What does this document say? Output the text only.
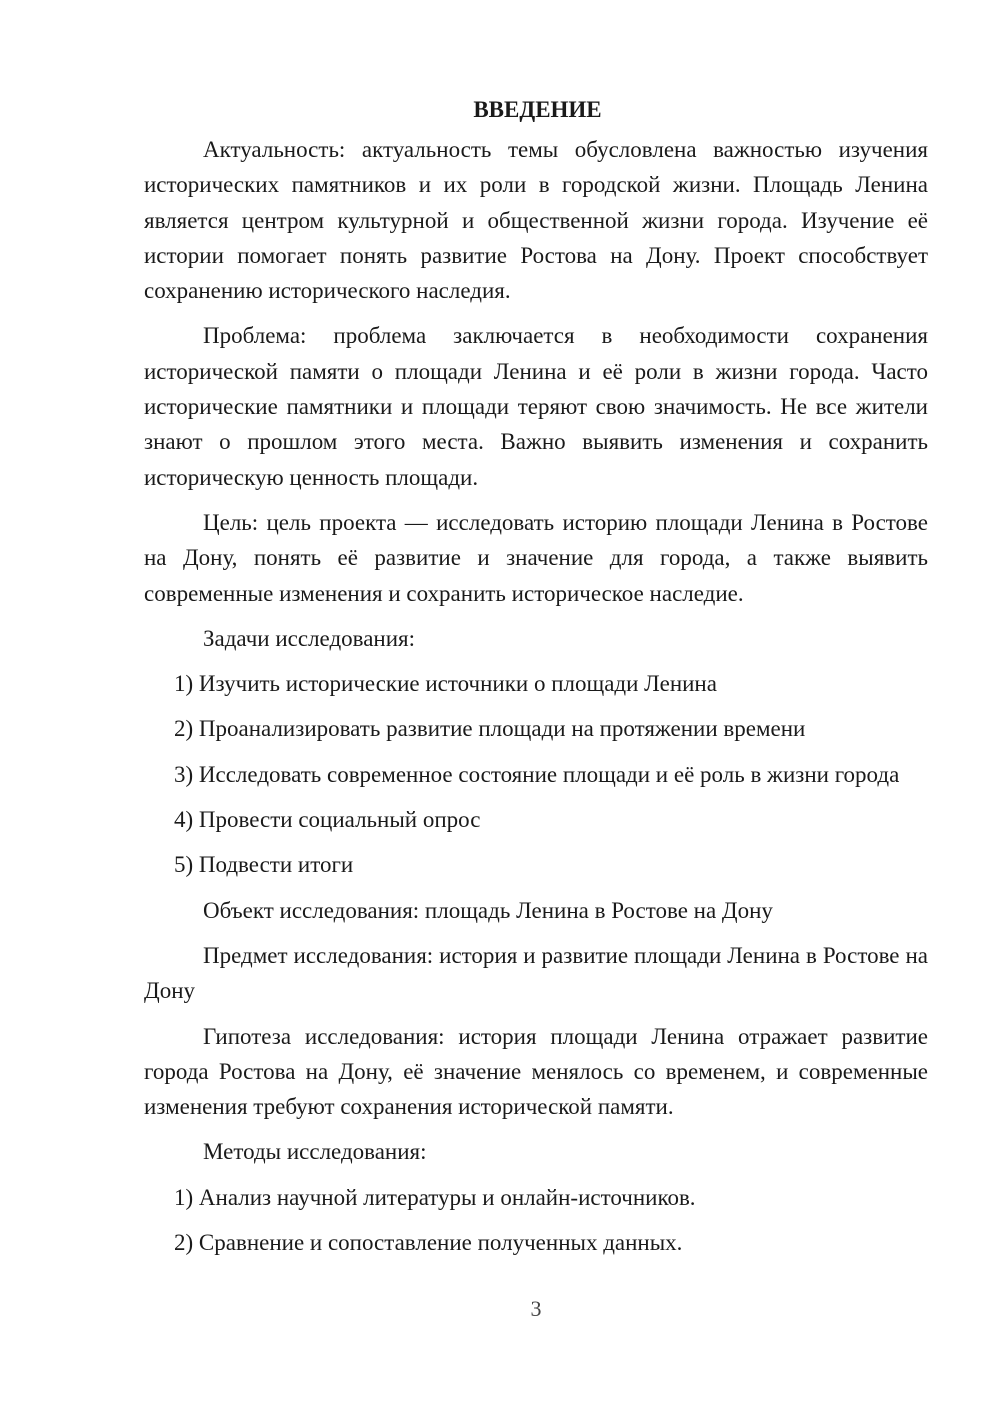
ВВЕДЕНИЕ
Актуальность: актуальность темы обусловлена важностью изучения исторических памятников и их роли в городской жизни. Площадь Ленина является центром культурной и общественной жизни города. Изучение её истории помогает понять развитие Ростова на Дону. Проект способствует сохранению исторического наследия.
Проблема: проблема заключается в необходимости сохранения исторической памяти о площади Ленина и её роли в жизни города. Часто исторические памятники и площади теряют свою значимость. Не все жители знают о прошлом этого места. Важно выявить изменения и сохранить историческую ценность площади.
Цель: цель проекта — исследовать историю площади Ленина в Ростове на Дону, понять её развитие и значение для города, а также выявить современные изменения и сохранить историческое наследие.
Задачи исследования:
1) Изучить исторические источники о площади Ленина
2) Проанализировать развитие площади на протяжении времени
3) Исследовать современное состояние площади и её роль в жизни города
4) Провести социальный опрос
5) Подвести итоги
Объект исследования: площадь Ленина в Ростове на Дону
Предмет исследования: история и развитие площади Ленина в Ростове на Дону
Гипотеза исследования: история площади Ленина отражает развитие города Ростова на Дону, её значение менялось со временем, и современные изменения требуют сохранения исторической памяти.
Методы исследования:
1) Анализ научной литературы и онлайн-источников.
2) Сравнение и сопоставление полученных данных.
3
